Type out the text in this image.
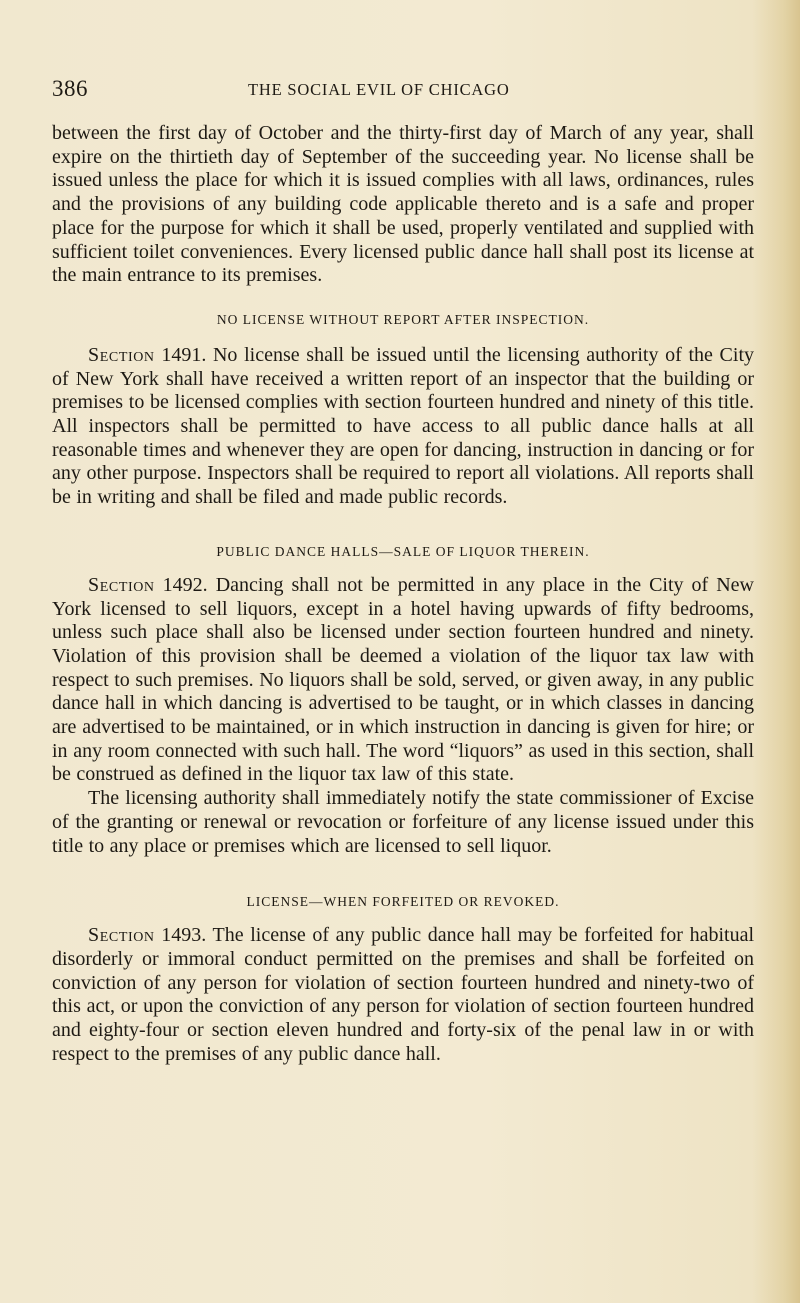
386	THE SOCIAL EVIL OF CHICAGO

between the first day of October and the thirty-first day of March of any year, shall expire on the thirtieth day of September of the succeeding year. No license shall be issued unless the place for which it is issued complies with all laws, ordinances, rules and the provisions of any building code applicable thereto and is a safe and proper place for the purpose for which it shall be used, properly ventilated and supplied with sufficient toilet conveniences. Every licensed public dance hall shall post its license at the main entrance to its premises.

NO LICENSE WITHOUT REPORT AFTER INSPECTION.

Section 1491. No license shall be issued until the licensing authority of the City of New York shall have received a written report of an inspector that the building or premises to be licensed complies with section fourteen hundred and ninety of this title. All inspectors shall be permitted to have access to all public dance halls at all reasonable times and whenever they are open for dancing, instruction in dancing or for any other purpose. Inspectors shall be required to report all violations. All reports shall be in writing and shall be filed and made public records.

PUBLIC DANCE HALLS—SALE OF LIQUOR THEREIN.

Section 1492. Dancing shall not be permitted in any place in the City of New York licensed to sell liquors, except in a hotel having upwards of fifty bedrooms, unless such place shall also be licensed under section fourteen hundred and ninety. Violation of this provision shall be deemed a violation of the liquor tax law with respect to such premises. No liquors shall be sold, served, or given away, in any public dance hall in which dancing is advertised to be taught, or in which classes in dancing are advertised to be maintained, or in which instruction in dancing is given for hire; or in any room connected with such hall. The word “liquors” as used in this section, shall be construed as defined in the liquor tax law of this state.

The licensing authority shall immediately notify the state commissioner of Excise of the granting or renewal or revocation or forfeiture of any license issued under this title to any place or premises which are licensed to sell liquor.

LICENSE—WHEN FORFEITED OR REVOKED.

Section 1493. The license of any public dance hall may be forfeited for habitual disorderly or immoral conduct permitted on the premises and shall be forfeited on conviction of any person for violation of section fourteen hundred and ninety-two of this act, or upon the conviction of any person for violation of section fourteen hundred and eighty-four or section eleven hundred and forty-six of the penal law in or with respect to the premises of any public dance hall.
